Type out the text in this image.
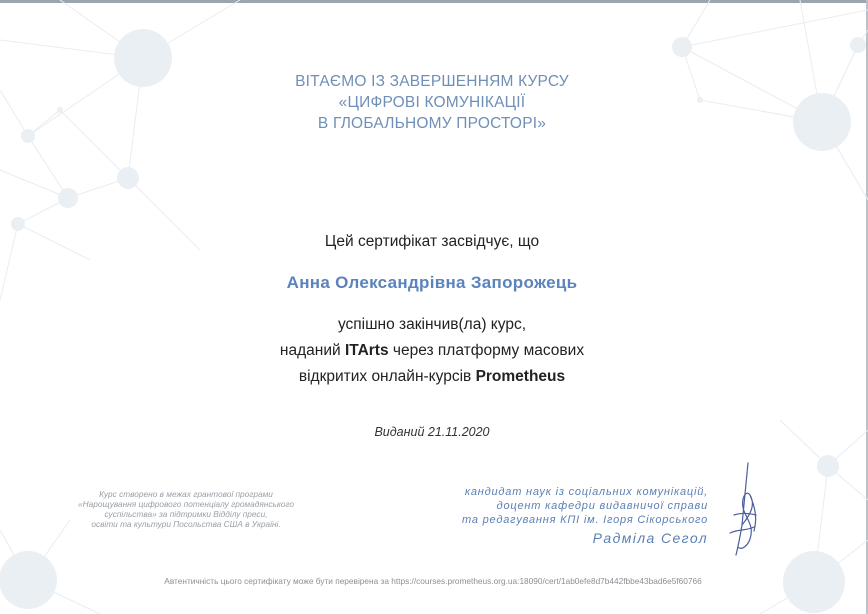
ВІТАЄМО ІЗ ЗАВЕРШЕННЯМ КУРСУ
«ЦИФРОВІ КОМУНІКАЦІЇ
В ГЛОБАЛЬНОМУ ПРОСТОРІ»
Цей сертифікат засвідчує, що
Анна Олександрівна Запорожець
успішно закінчив(ла) курс,
наданий ITArts через платформу масових
відкритих онлайн-курсів Prometheus
Виданий 21.11.2020
Курс створено в межах грантової програми
«Нарощування цифрового потенціалу громадянського
суспільства» за підтримки Відділу преси,
освіти та культури Посольства США в Україні.
кандидат наук із соціальних комунікацій,
доцент кафедри видавничої справи
та редагування КПІ ім. Ігоря Сікорського
Радміла Сегол
Автентичність цього сертифікату може бути перевірена за https://courses.prometheus.org.ua:18090/cert/1ab0efe8d7b442fbbe43bad6e5f60766
